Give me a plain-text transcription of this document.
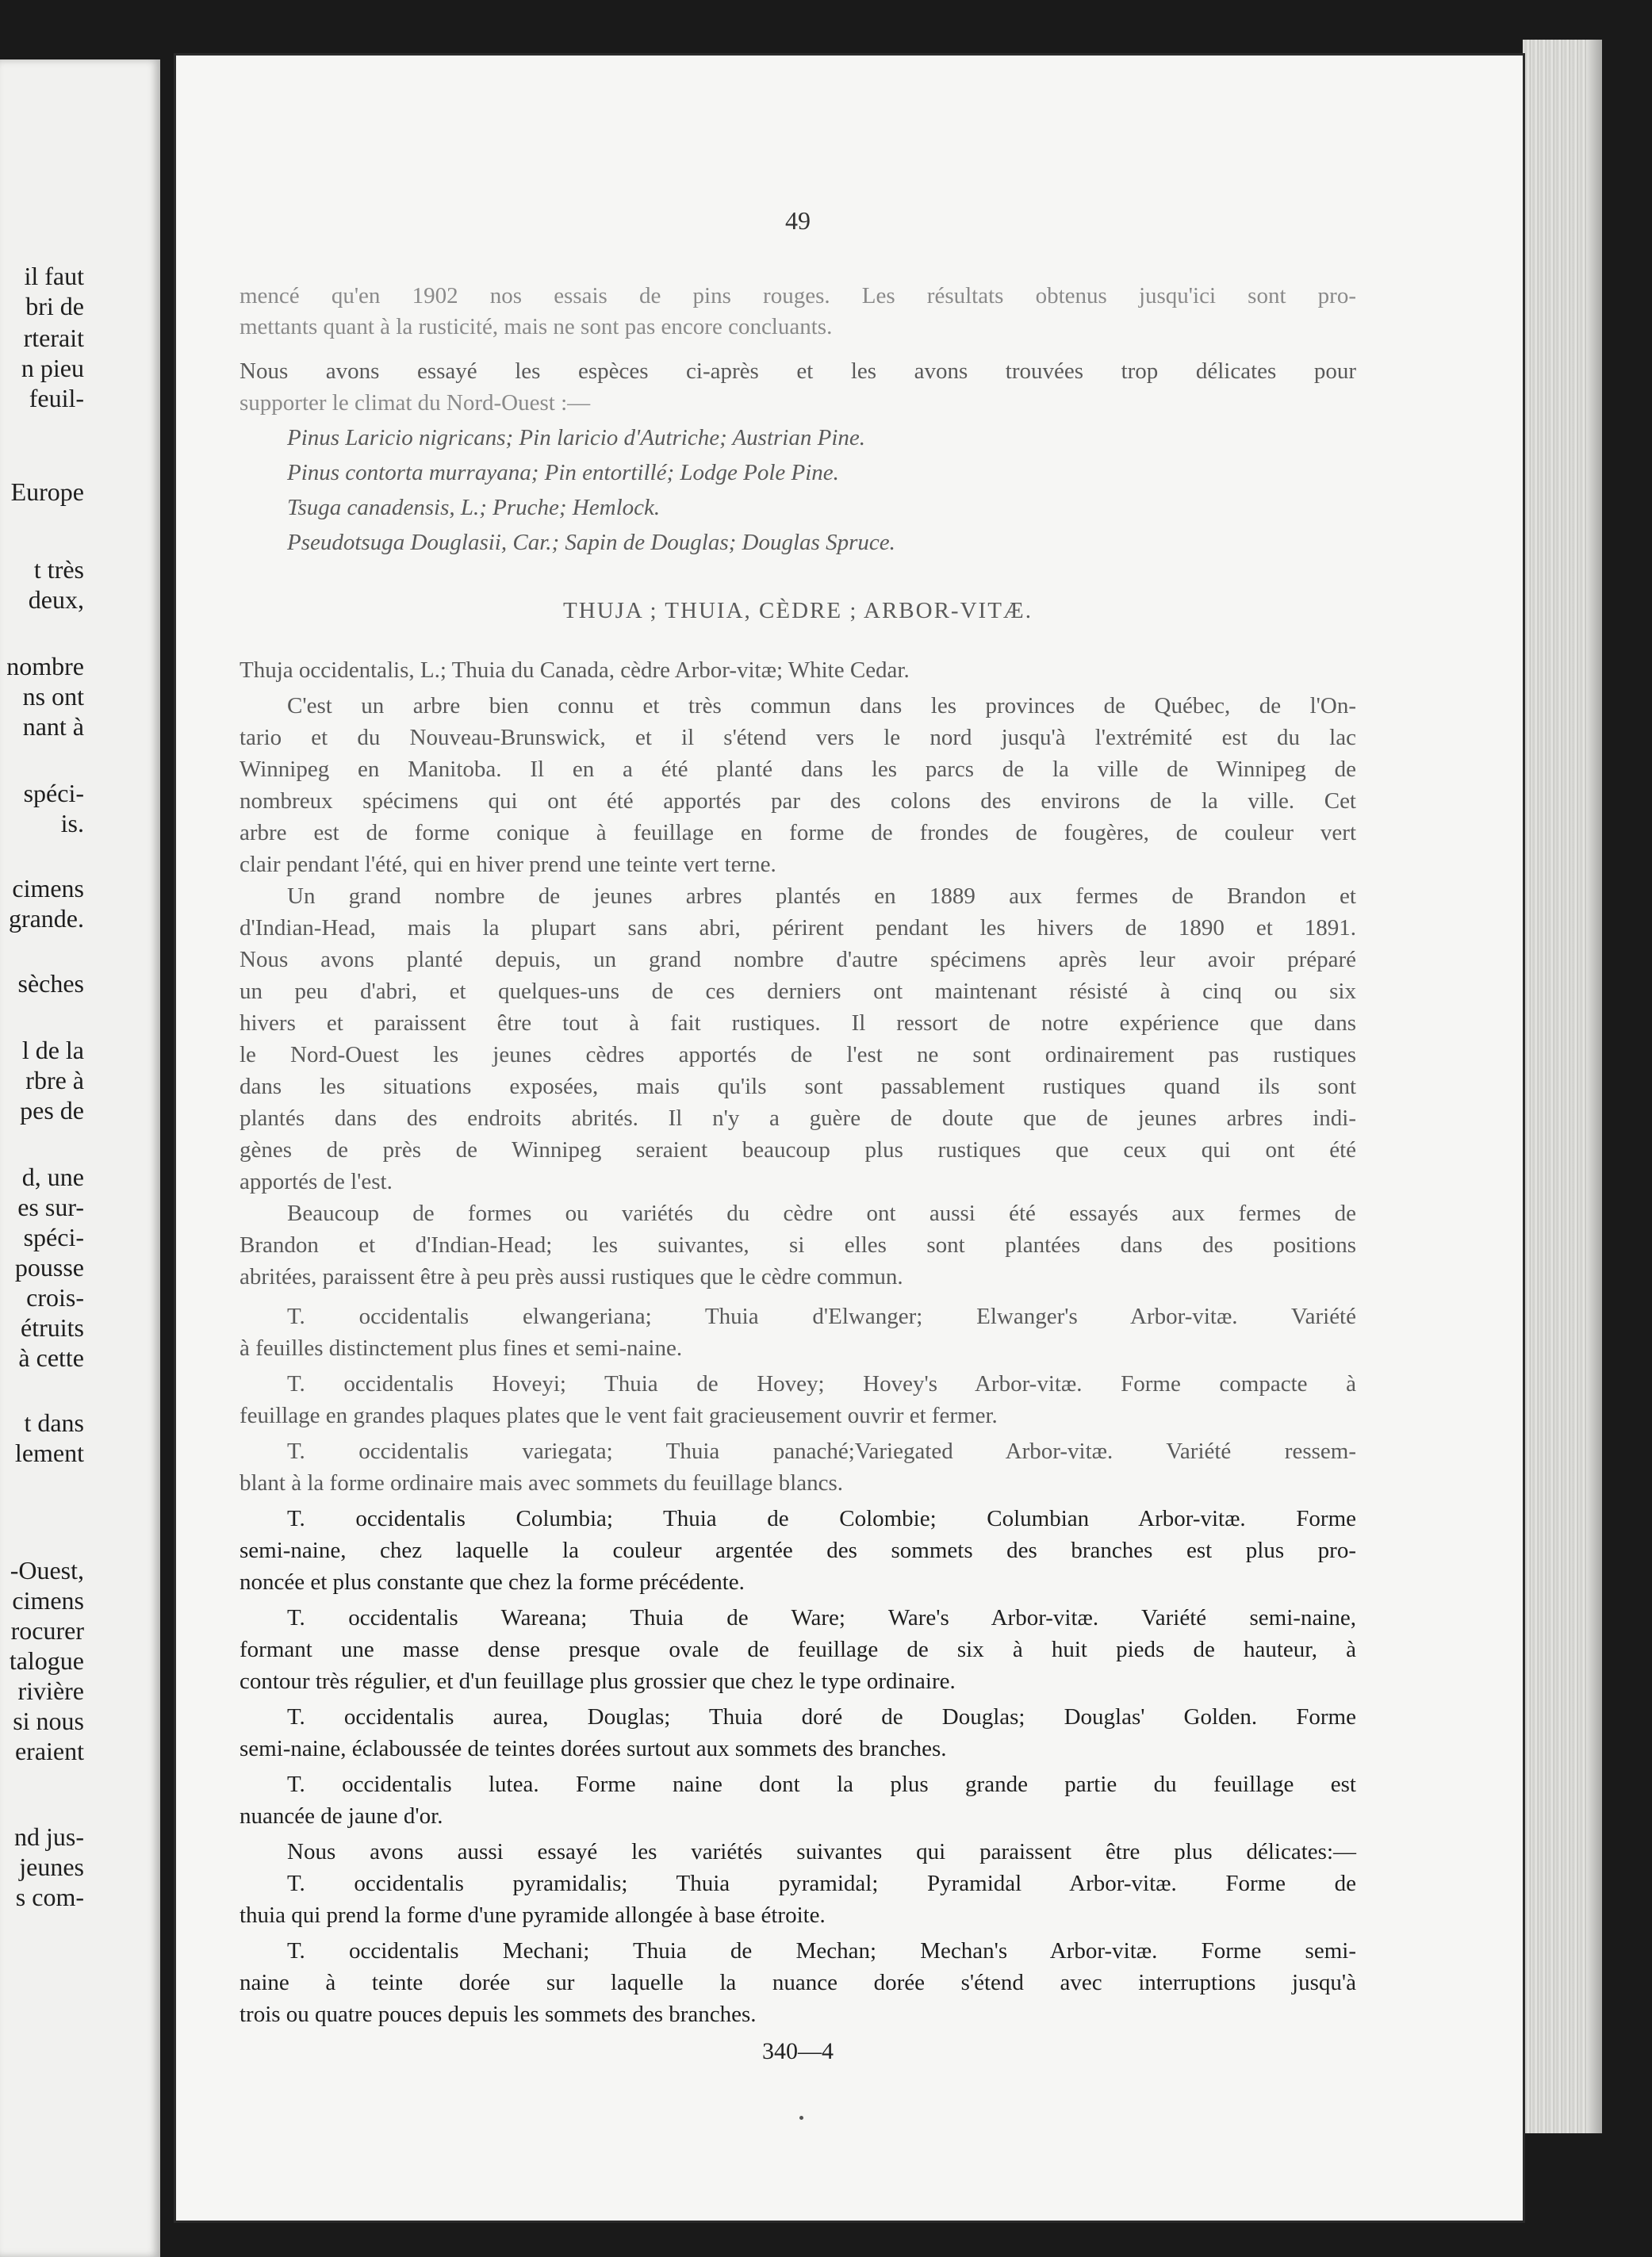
il faut
bri de
rterait
n pieu
feuil-
Europe
t très
deux,
nombre
ns ont
nant à
spéci-
is.
cimens
grande.
sèches
l de la
rbre à
pes de
d, une
es sur-
spéci-
pousse
crois-
étruits
à cette
t dans
lement
-Ouest,
cimens
rocurer
talogue
rivière
si nous
eraient
nd jus-
jeunes
s com-
49
mencé qu'en 1902 nos essais de pins rouges. Les résultats obtenus jusqu'ici sont pro-
mettants quant à la rusticité, mais ne sont pas encore concluants.
Nous avons essayé les espèces ci-après et les avons trouvées trop délicates pour
supporter le climat du Nord-Ouest :—
Pinus Laricio nigricans; Pin laricio d'Autriche; Austrian Pine.
Pinus contorta murrayana; Pin entortillé; Lodge Pole Pine.
Tsuga canadensis, L.; Pruche; Hemlock.
Pseudotsuga Douglasii, Car.; Sapin de Douglas; Douglas Spruce.
THUJA ; THUIA, CÈDRE ; ARBOR-VITÆ.
Thuja occidentalis, L.; Thuia du Canada, cèdre Arbor-vitæ; White Cedar.
C'est un arbre bien connu et très commun dans les provinces de Québec, de l'On-
tario et du Nouveau-Brunswick, et il s'étend vers le nord jusqu'à l'extrémité est du lac
Winnipeg en Manitoba. Il en a été planté dans les parcs de la ville de Winnipeg de
nombreux spécimens qui ont été apportés par des colons des environs de la ville. Cet
arbre est de forme conique à feuillage en forme de frondes de fougères, de couleur vert
clair pendant l'été, qui en hiver prend une teinte vert terne.
Un grand nombre de jeunes arbres plantés en 1889 aux fermes de Brandon et
d'Indian-Head, mais la plupart sans abri, périrent pendant les hivers de 1890 et 1891.
Nous avons planté depuis, un grand nombre d'autre spécimens après leur avoir préparé
un peu d'abri, et quelques-uns de ces derniers ont maintenant résisté à cinq ou six
hivers et paraissent être tout à fait rustiques. Il ressort de notre expérience que dans
le Nord-Ouest les jeunes cèdres apportés de l'est ne sont ordinairement pas rustiques
dans les situations exposées, mais qu'ils sont passablement rustiques quand ils sont
plantés dans des endroits abrités. Il n'y a guère de doute que de jeunes arbres indi-
gènes de près de Winnipeg seraient beaucoup plus rustiques que ceux qui ont été
apportés de l'est.
Beaucoup de formes ou variétés du cèdre ont aussi été essayés aux fermes de
Brandon et d'Indian-Head; les suivantes, si elles sont plantées dans des positions
abritées, paraissent être à peu près aussi rustiques que le cèdre commun.
T. occidentalis elwangeriana; Thuia d'Elwanger; Elwanger's Arbor-vitæ. Variété
à feuilles distinctement plus fines et semi-naine.
T. occidentalis Hoveyi; Thuia de Hovey; Hovey's Arbor-vitæ. Forme compacte à
feuillage en grandes plaques plates que le vent fait gracieusement ouvrir et fermer.
T. occidentalis variegata; Thuia panaché;Variegated Arbor-vitæ. Variété ressem-
blant à la forme ordinaire mais avec sommets du feuillage blancs.
T. occidentalis Columbia; Thuia de Colombie; Columbian Arbor-vitæ. Forme
semi-naine, chez laquelle la couleur argentée des sommets des branches est plus pro-
noncée et plus constante que chez la forme précédente.
T. occidentalis Wareana; Thuia de Ware; Ware's Arbor-vitæ. Variété semi-naine,
formant une masse dense presque ovale de feuillage de six à huit pieds de hauteur, à
contour très régulier, et d'un feuillage plus grossier que chez le type ordinaire.
T. occidentalis aurea, Douglas; Thuia doré de Douglas; Douglas' Golden. Forme
semi-naine, éclaboussée de teintes dorées surtout aux sommets des branches.
T. occidentalis lutea. Forme naine dont la plus grande partie du feuillage est
nuancée de jaune d'or.
Nous avons aussi essayé les variétés suivantes qui paraissent être plus délicates:—
T. occidentalis pyramidalis; Thuia pyramidal; Pyramidal Arbor-vitæ. Forme de
thuia qui prend la forme d'une pyramide allongée à base étroite.
T. occidentalis Mechani; Thuia de Mechan; Mechan's Arbor-vitæ. Forme semi-
naine à teinte dorée sur laquelle la nuance dorée s'étend avec interruptions jusqu'à
trois ou quatre pouces depuis les sommets des branches.
340—4
